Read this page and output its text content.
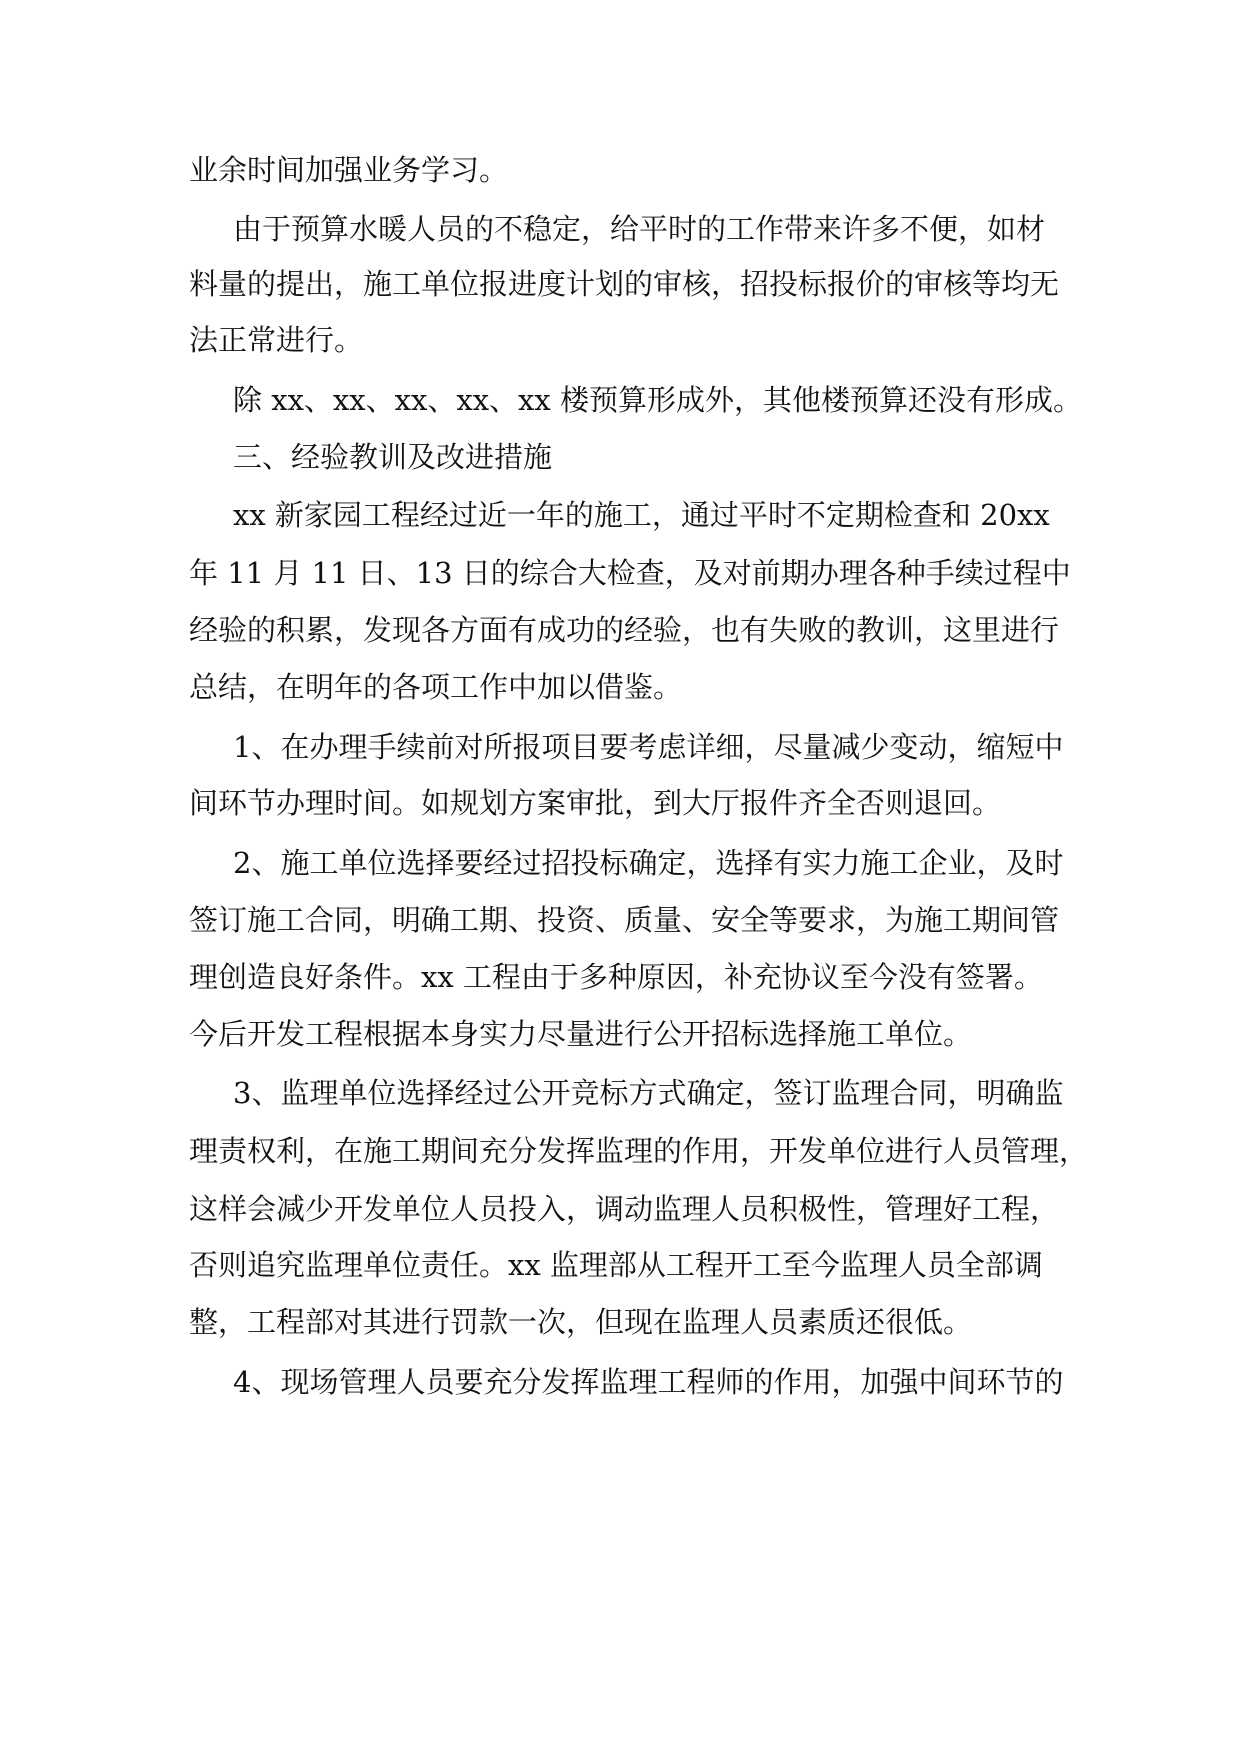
业余时间加强业务学习。
由于预算水暖人员的不稳定，给平时的工作带来许多不便，如材
料量的提出，施工单位报进度计划的审核，招投标报价的审核等均无
法正常进行。
除 xx、xx、xx、xx、xx 楼预算形成外，其他楼预算还没有形成。
三、经验教训及改进措施
xx 新家园工程经过近一年的施工，通过平时不定期检查和 20xx
年 11 月 11 日、13 日的综合大检查，及对前期办理各种手续过程中
经验的积累，发现各方面有成功的经验，也有失败的教训，这里进行
总结，在明年的各项工作中加以借鉴。
1、在办理手续前对所报项目要考虑详细，尽量减少变动，缩短中
间环节办理时间。如规划方案审批，到大厅报件齐全否则退回。
2、施工单位选择要经过招投标确定，选择有实力施工企业，及时
签订施工合同，明确工期、投资、质量、安全等要求，为施工期间管
理创造良好条件。xx 工程由于多种原因，补充协议至今没有签署。
今后开发工程根据本身实力尽量进行公开招标选择施工单位。
3、监理单位选择经过公开竞标方式确定，签订监理合同，明确监
理责权利，在施工期间充分发挥监理的作用，开发单位进行人员管理，
这样会减少开发单位人员投入，调动监理人员积极性，管理好工程，
否则追究监理单位责任。xx 监理部从工程开工至今监理人员全部调
整，工程部对其进行罚款一次，但现在监理人员素质还很低。
4、现场管理人员要充分发挥监理工程师的作用，加强中间环节的
